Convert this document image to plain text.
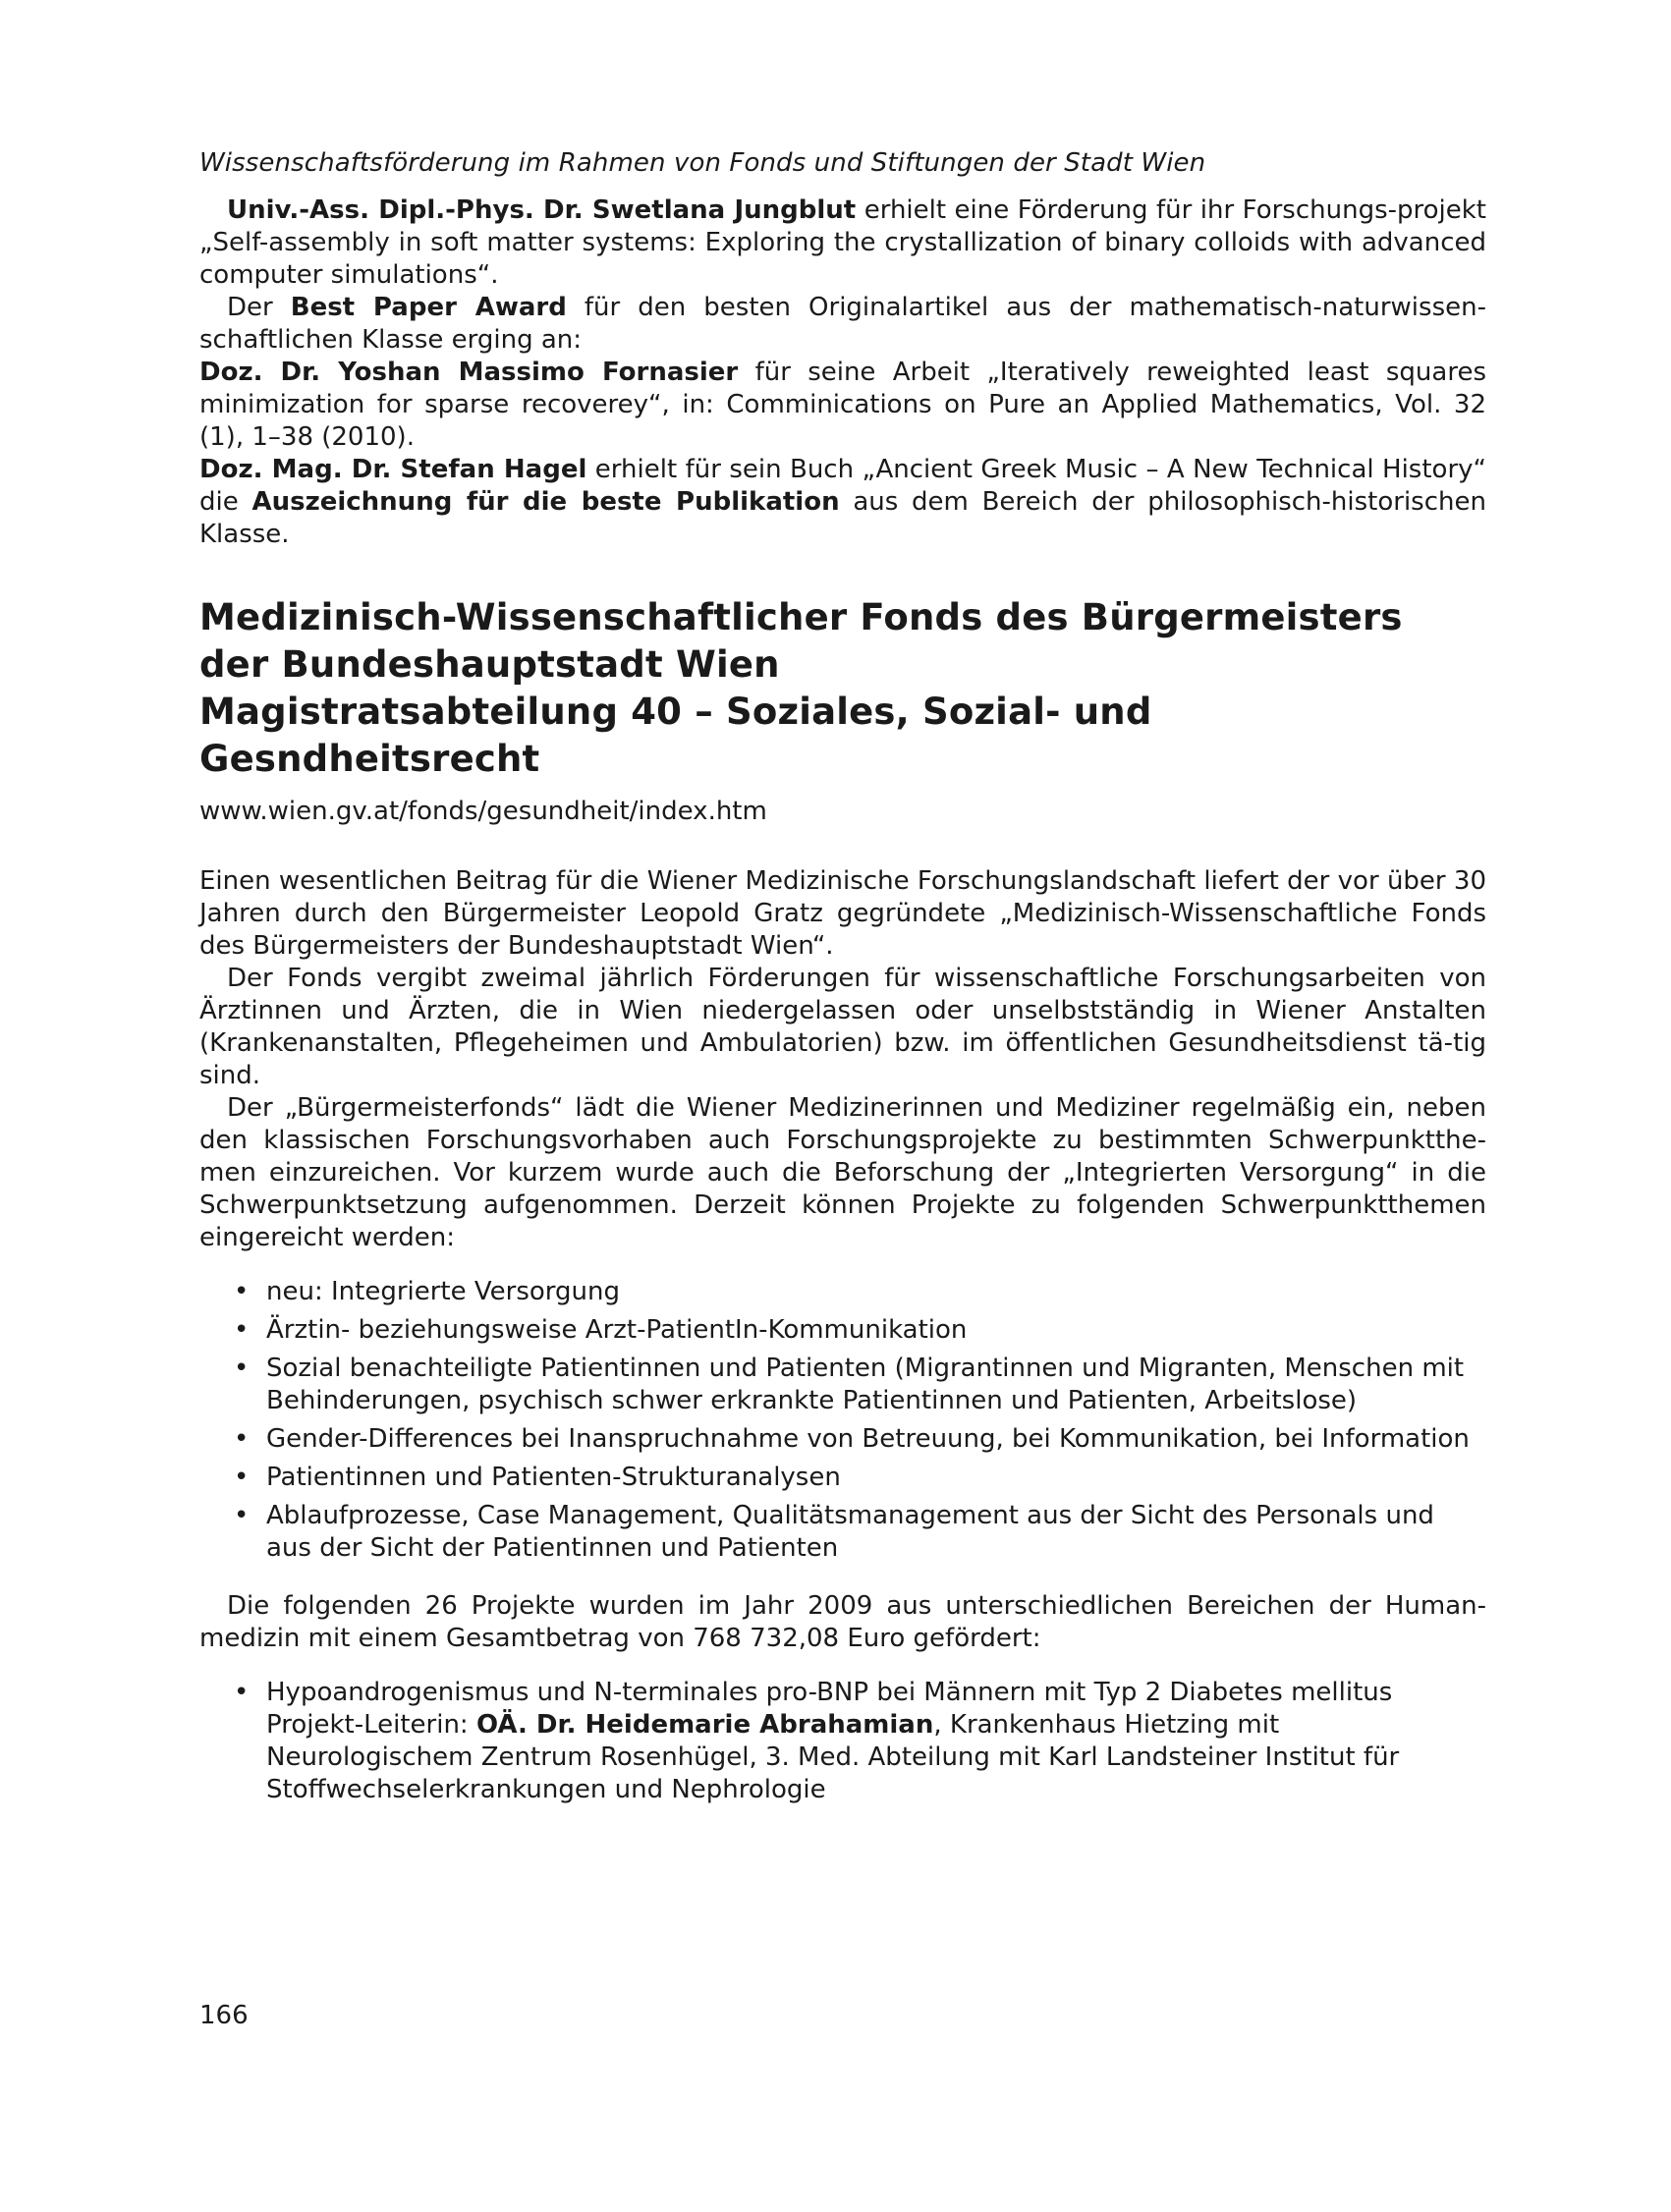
Wissenschaftsförderung im Rahmen von Fonds und Stiftungen der Stadt Wien

Univ.-Ass. Dipl.-Phys. Dr. Swetlana Jungblut erhielt eine Förderung für ihr Forschungs-projekt „Self-assembly in soft matter systems: Exploring the crystallization of binary colloids with advanced computer simulations“.

Der Best Paper Award für den besten Originalartikel aus der mathematisch-naturwissen-schaftlichen Klasse erging an:

Doz. Dr. Yoshan Massimo Fornasier für seine Arbeit „Iteratively reweighted least squares minimization for sparse recoverey“, in: Comminications on Pure an Applied Mathematics, Vol. 32 (1), 1–38 (2010).

Doz. Mag. Dr. Stefan Hagel erhielt für sein Buch „Ancient Greek Music – A New Technical History“ die Auszeichnung für die beste Publikation aus dem Bereich der philosophisch-historischen Klasse.

Medizinisch-Wissenschaftlicher Fonds des Bürgermeisters
der Bundeshauptstadt Wien
Magistratsabteilung 40 – Soziales, Sozial- und
Gesndheitsrecht
www.wien.gv.at/fonds/gesundheit/index.htm

Einen wesentlichen Beitrag für die Wiener Medizinische Forschungslandschaft liefert der vor über 30 Jahren durch den Bürgermeister Leopold Gratz gegründete „Medizinisch-Wissenschaftliche Fonds des Bürgermeisters der Bundeshauptstadt Wien“.

Der Fonds vergibt zweimal jährlich Förderungen für wissenschaftliche Forschungsarbeiten von Ärztinnen und Ärzten, die in Wien niedergelassen oder unselbstständig in Wiener Anstalten (Krankenanstalten, Pflegeheimen und Ambulatorien) bzw. im öffentlichen Gesundheitsdienst tä-tig sind.

Der „Bürgermeisterfonds“ lädt die Wiener Medizinerinnen und Mediziner regelmäßig ein, neben den klassischen Forschungsvorhaben auch Forschungsprojekte zu bestimmten Schwerpunktthe-men einzureichen. Vor kurzem wurde auch die Beforschung der „Integrierten Versorgung“ in die Schwerpunktsetzung aufgenommen. Derzeit können Projekte zu folgenden Schwerpunktthemen eingereicht werden:

• neu: Integrierte Versorgung
• Ärztin- beziehungsweise Arzt-PatientIn-Kommunikation
• Sozial benachteiligte Patientinnen und Patienten (Migrantinnen und Migranten, Menschen mit Behinderungen, psychisch schwer erkrankte Patientinnen und Patienten, Arbeitslose)
• Gender-Differences bei Inanspruchnahme von Betreuung, bei Kommunikation, bei Information
• Patientinnen und Patienten-Strukturanalysen
• Ablaufprozesse, Case Management, Qualitätsmanagement aus der Sicht des Personals und aus der Sicht der Patientinnen und Patienten

Die folgenden 26 Projekte wurden im Jahr 2009 aus unterschiedlichen Bereichen der Human-medizin mit einem Gesamtbetrag von 768 732,08 Euro gefördert:

• Hypoandrogenismus und N-terminales pro-BNP bei Männern mit Typ 2 Diabetes mellitus
Projekt-Leiterin: OÄ. Dr. Heidemarie Abrahamian, Krankenhaus Hietzing mit Neurologischem Zentrum Rosenhügel, 3. Med. Abteilung mit Karl Landsteiner Institut für Stoffwechselerkrankungen und Nephrologie
166
